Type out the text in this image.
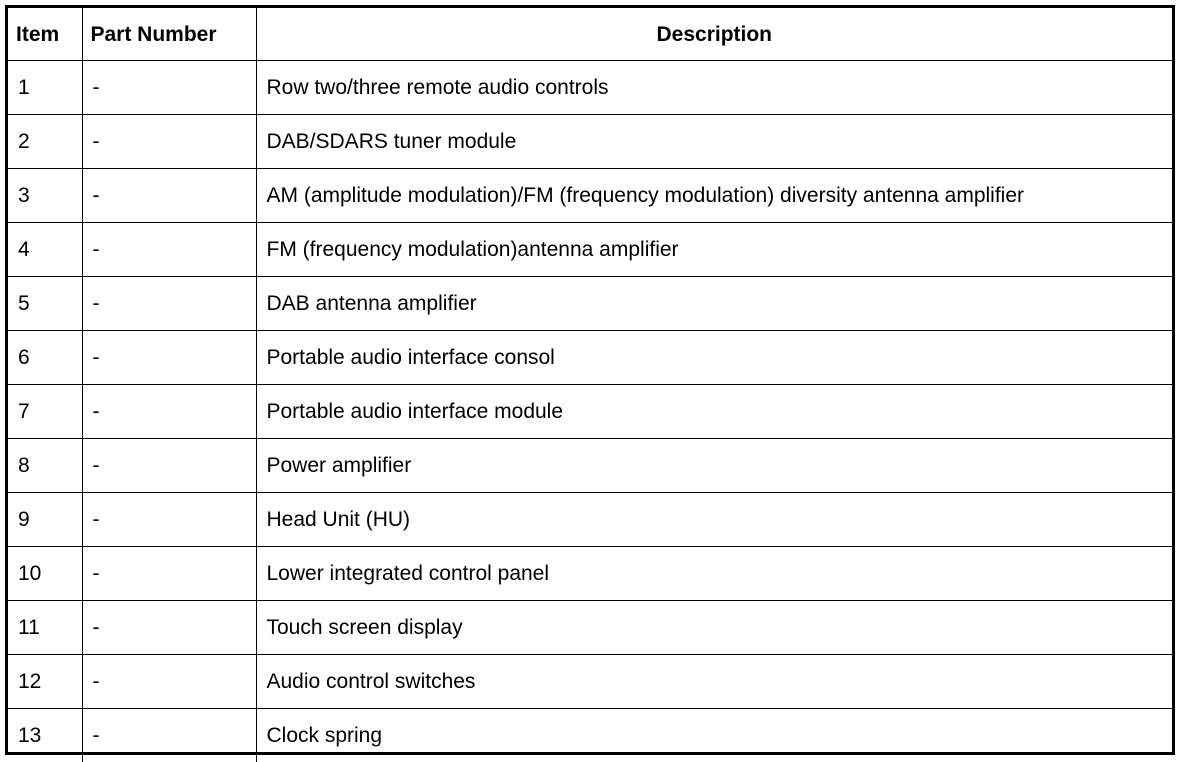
Item	Part Number	Description
1	-	Row two/three remote audio controls
2	-	DAB/SDARS tuner module
3	-	AM (amplitude modulation)/FM (frequency modulation) diversity antenna amplifier
4	-	FM (frequency modulation)antenna amplifier
5	-	DAB antenna amplifier
6	-	Portable audio interface consol
7	-	Portable audio interface module
8	-	Power amplifier
9	-	Head Unit (HU)
10	-	Lower integrated control panel
11	-	Touch screen display
12	-	Audio control switches
13	-	Clock spring
